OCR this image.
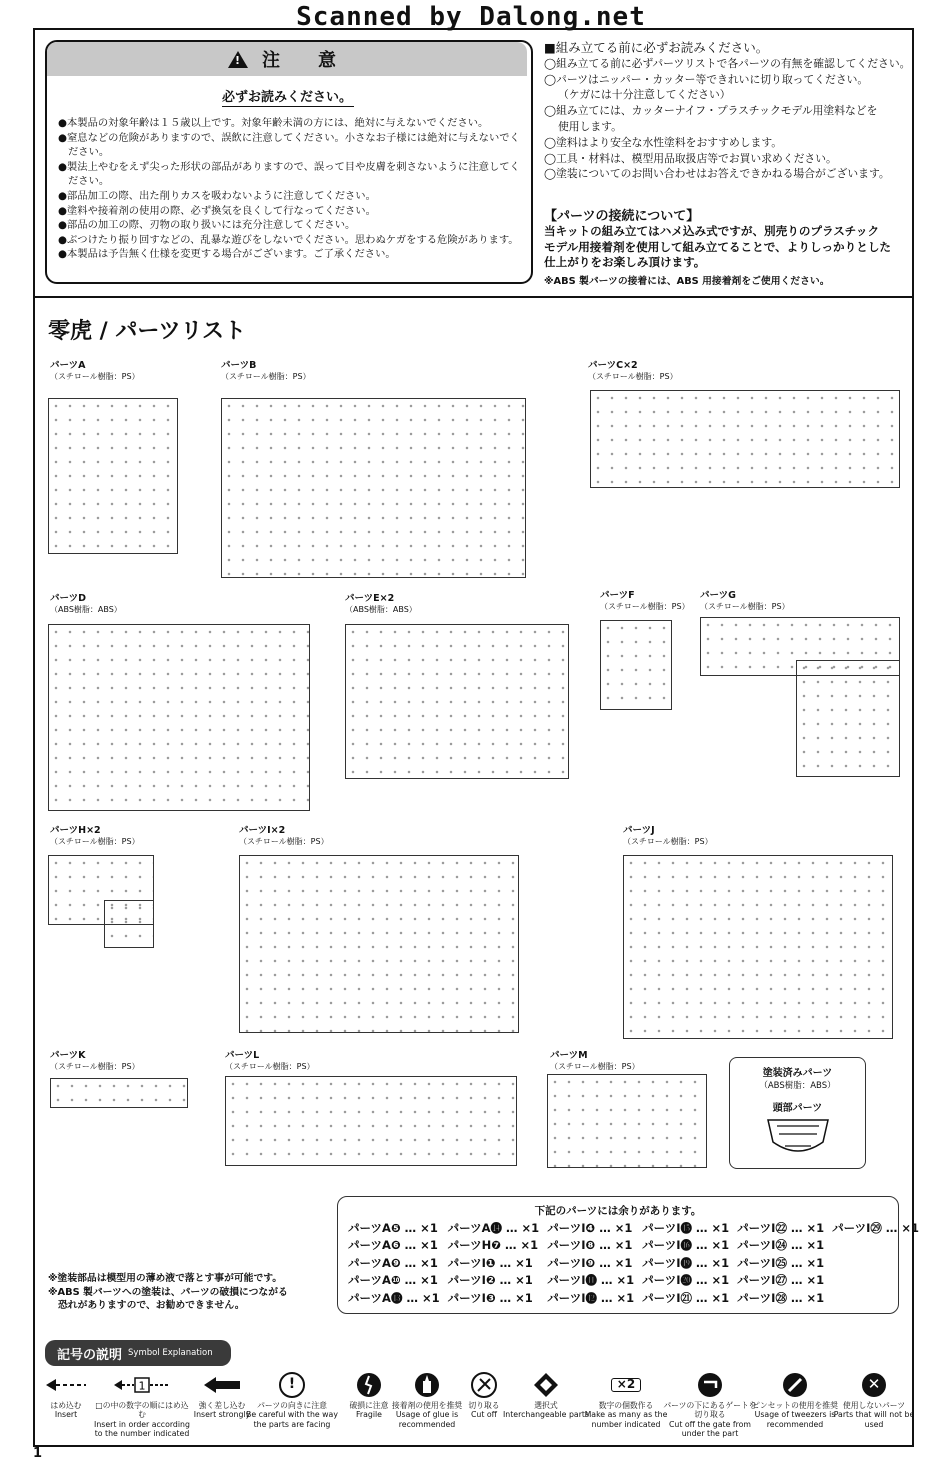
Scanned by Dalong.net
!
注　意
必ずお読みください。
●本製品の対象年齢は１５歳以上です。対象年齢未満の方には、絶対に与えないでください。
●窒息などの危険がありますので、誤飲に注意してください。小さなお子様には絶対に与えないでください。
●製法上やむをえず尖った形状の部品がありますので、誤って目や皮膚を刺さないように注意してください。
●部品加工の際、出た削りカスを吸わないように注意してください。
●塗料や接着剤の使用の際、必ず換気を良くして行なってください。
●部品の加工の際、刃物の取り扱いには充分注意してください。
●ぶつけたり振り回すなどの、乱暴な遊びをしないでください。思わぬケガをする危険があります。
●本製品は予告無く仕様を変更する場合がございます。ご了承ください。
■組み立てる前に必ずお読みください。
◯組み立てる前に必ずパーツリストで各パーツの有無を確認してください。
◯パーツはニッパー・カッター等できれいに切り取ってください。
（ケガには十分注意してください）
◯組み立てには、カッターナイフ・プラスチックモデル用塗料などを
使用します。
◯塗料はより安全な水性塗料をおすすめします。
◯工具・材料は、模型用品取扱店等でお買い求めください。
◯塗装についてのお問い合わせはお答えできかねる場合がございます。
【パーツの接続について】
当キットの組み立てはハメ込み式ですが、別売りのプラスチック
モデル用接着剤を使用して組み立てることで、よりしっかりとした
仕上がりをお楽しみ頂けます。
※ABS 製パーツの接着には、ABS 用接着剤をご使用ください。
零虎 / パーツリスト
パーツA
（スチロール樹脂：PS）
パーツB
（スチロール樹脂：PS）
パーツC×2
（スチロール樹脂：PS）
パーツD
（ABS樹脂：ABS）
パーツE×2
（ABS樹脂：ABS）
パーツF
（スチロール樹脂：PS）
パーツG
（スチロール樹脂：PS）
パーツH×2
（スチロール樹脂：PS）
パーツI×2
（スチロール樹脂：PS）
パーツJ
（スチロール樹脂：PS）
パーツK
（スチロール樹脂：PS）
パーツL
（スチロール樹脂：PS）
パーツM
（スチロール樹脂：PS）
塗装済みパーツ
（ABS樹脂：ABS）
頭部パーツ
下記のパーツには余りがあります。
パーツA❺ … ×1	パーツA⓮ … ×1	パーツI❹ … ×1	パーツI⓯ … ×1	パーツI㉒ … ×1	パーツI㉙ … ×1
パーツA❻ … ×1	パーツH❼ … ×1	パーツI❽ … ×1	パーツI⓰ … ×1	パーツI㉔ … ×1	
パーツA❾ … ×1	パーツI❶ … ×1	パーツI❾ … ×1	パーツI⓳ … ×1	パーツI㉕ … ×1	
パーツA❿ … ×1	パーツI❷ … ×1	パーツI⓫ … ×1	パーツI⓴ … ×1	パーツI㉗ … ×1	
パーツA⓭ … ×1	パーツI❸ … ×1	パーツI⓬ … ×1	パーツI㉑ … ×1	パーツI㉘ … ×1	
※塗装部品は模型用の薄め液で落とす事が可能です。
※ABS 製パーツへの塗装は、パーツの破損につながる
恐れがありますので、お勧めできません。
記号の説明 Symbol Explanation
はめ込む
Insert
1
□の中の数字の順にはめ込む
Insert in order according to the number indicated
強く差し込む
Insert strongly
!
パーツの向きに注意
Be careful with the way the parts are facing
破損に注意
Fragile
接着剤の使用を推奨
Usage of glue is recommended
切り取る
Cut off
選択式
Interchangeable parts
×2
数字の個数作る
Make as many as the number indicated
パーツの下にあるゲートを切り取る
Cut off the gate from under the part
ピンセットの使用を推奨
Usage of tweezers is recommended
✕
使用しないパーツ
Parts that will not be used
1
